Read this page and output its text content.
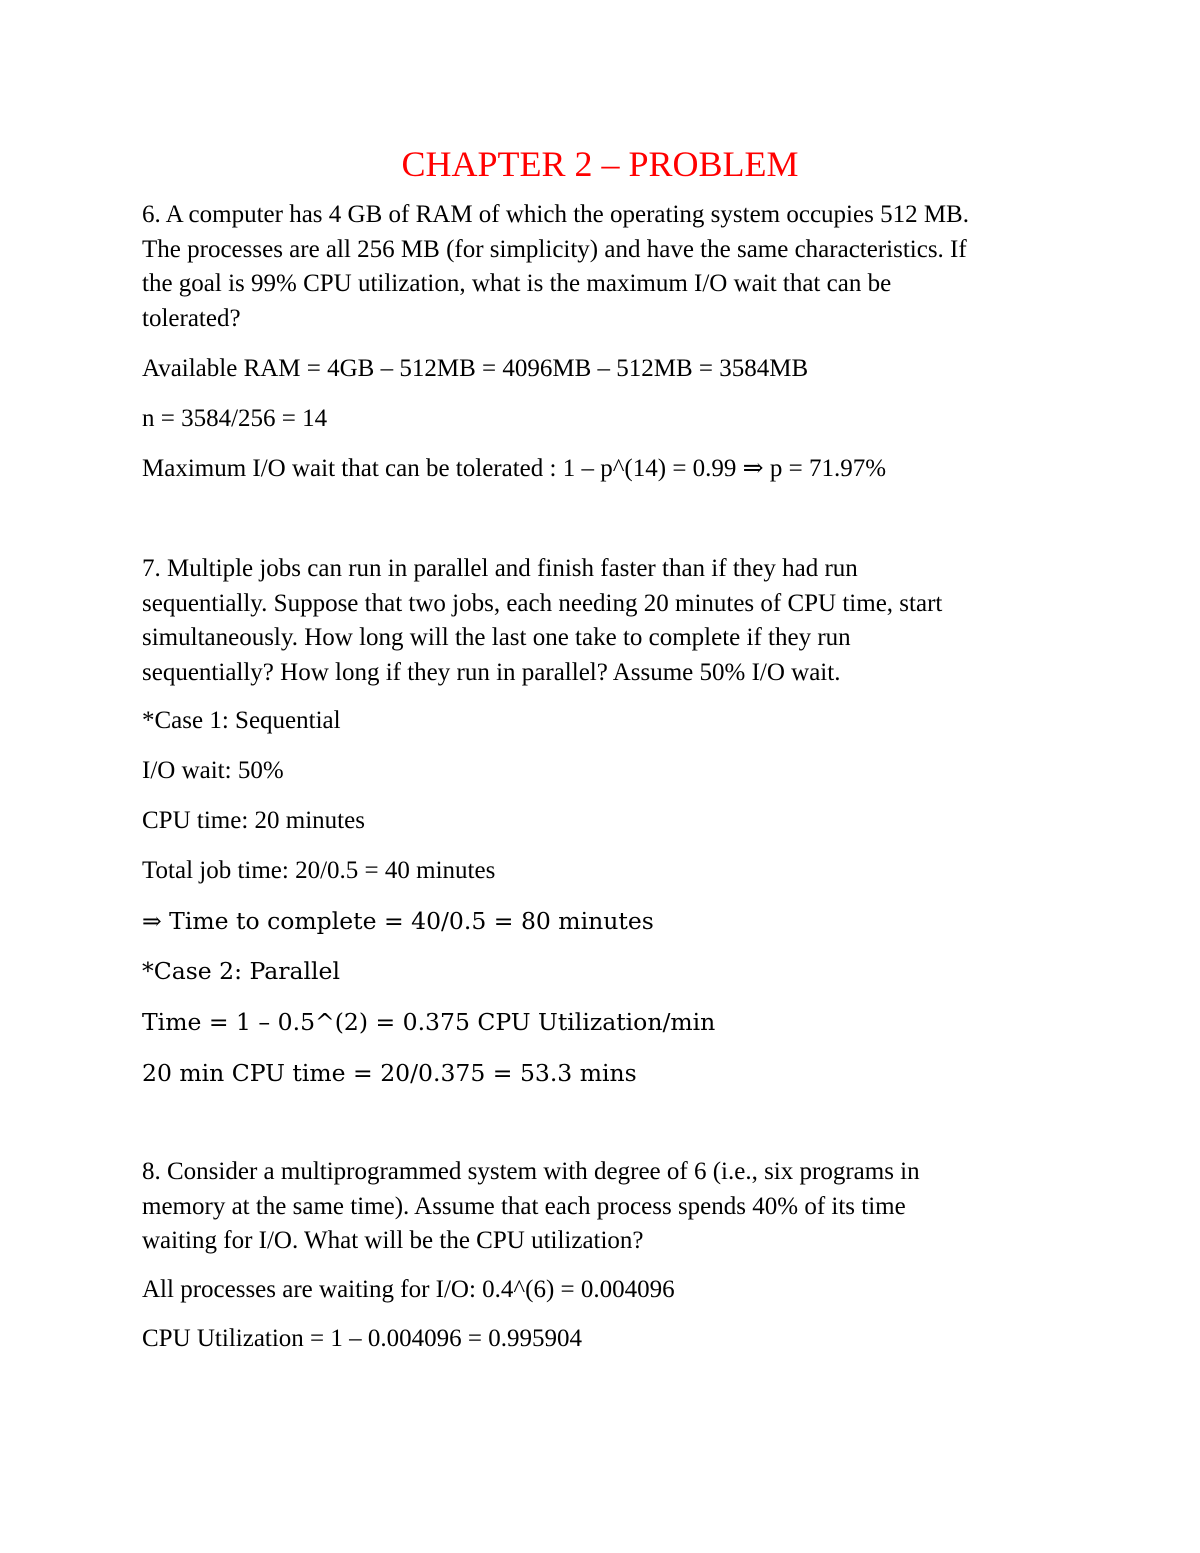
CHAPTER 2 – PROBLEM
6. A computer has 4 GB of RAM of which the operating system occupies 512 MB.
The processes are all 256 MB (for simplicity) and have the same characteristics. If
the goal is 99% CPU utilization, what is the maximum I/O wait that can be
tolerated?

Available RAM = 4GB – 512MB = 4096MB – 512MB = 3584MB

n = 3584/256 = 14

Maximum I/O wait that can be tolerated : 1 – p^(14) = 0.99 ⇒ p = 71.97%

7. Multiple jobs can run in parallel and finish faster than if they had run
sequentially. Suppose that two jobs, each needing 20 minutes of CPU time, start
simultaneously. How long will the last one take to complete if they run
sequentially? How long if they run in parallel? Assume 50% I/O wait.

*Case 1: Sequential

I/O wait: 50%

CPU time: 20 minutes

Total job time: 20/0.5 = 40 minutes

⇒ Time to complete = 40/0.5 = 80 minutes

*Case 2: Parallel

Time = 1 – 0.5^(2) = 0.375 CPU Utilization/min

20 min CPU time = 20/0.375 = 53.3 mins

8. Consider a multiprogrammed system with degree of 6 (i.e., six programs in
memory at the same time). Assume that each process spends 40% of its time
waiting for I/O. What will be the CPU utilization?

All processes are waiting for I/O: 0.4^(6) = 0.004096

CPU Utilization = 1 – 0.004096 = 0.995904
